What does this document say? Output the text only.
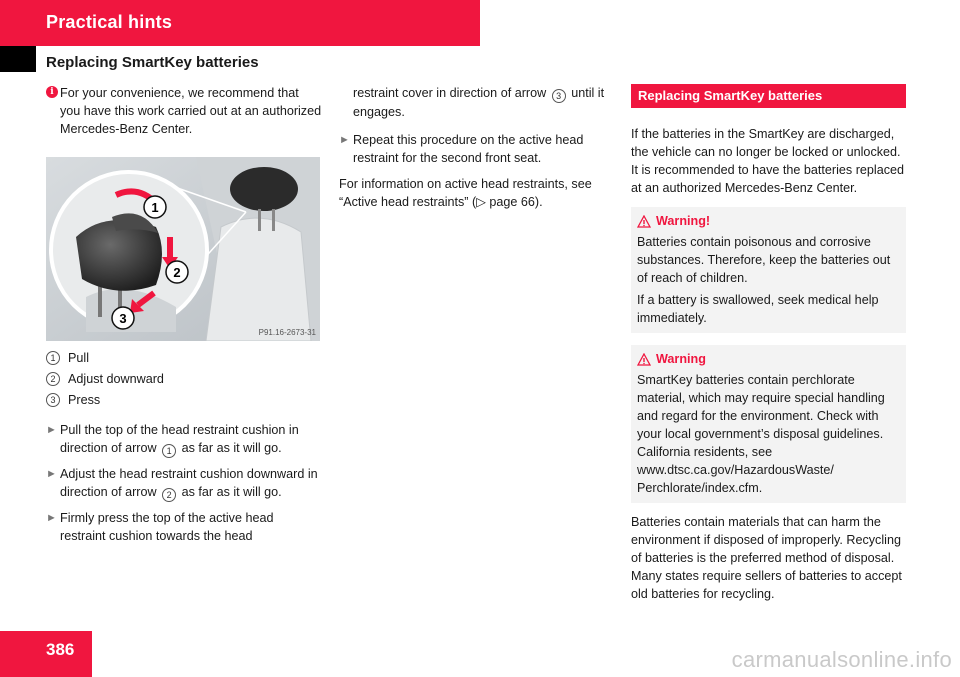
Practical hints
Replacing SmartKey batteries

i For your convenience, we recommend that you have this work carried out at an authorized Mercedes-Benz Center.

1
2
3
P91.16-2673-31
1 Pull
2 Adjust downward
3 Press

► Pull the top of the head restraint cushion in direction of arrow 1 as far as it will go.

► Adjust the head restraint cushion downward in direction of arrow 2 as far as it will go.

► Firmly press the top of the active head restraint cushion towards the head

restraint cover in direction of arrow 3 until it engages.

► Repeat this procedure on the active head restraint for the second front seat.

For information on active head restraints, see “Active head restraints” (▷ page 66).

Replacing SmartKey batteries

If the batteries in the SmartKey are discharged, the vehicle can no longer be locked or unlocked. It is recommended to have the batteries replaced at an authorized Mercedes-Benz Center.

Warning!

Batteries contain poisonous and corrosive substances. Therefore, keep the batteries out of reach of children.

If a battery is swallowed, seek medical help immediately.

Warning

SmartKey batteries contain perchlorate material, which may require special handling and regard for the environment. Check with your local government’s disposal guidelines. California residents, see www.dtsc.ca.gov/HazardousWaste/ Perchlorate/index.cfm.

Batteries contain materials that can harm the environment if disposed of improperly. Recycling of batteries is the preferred method of disposal. Many states require sellers of batteries to accept old batteries for recycling.

386	carmanualsonline.info
